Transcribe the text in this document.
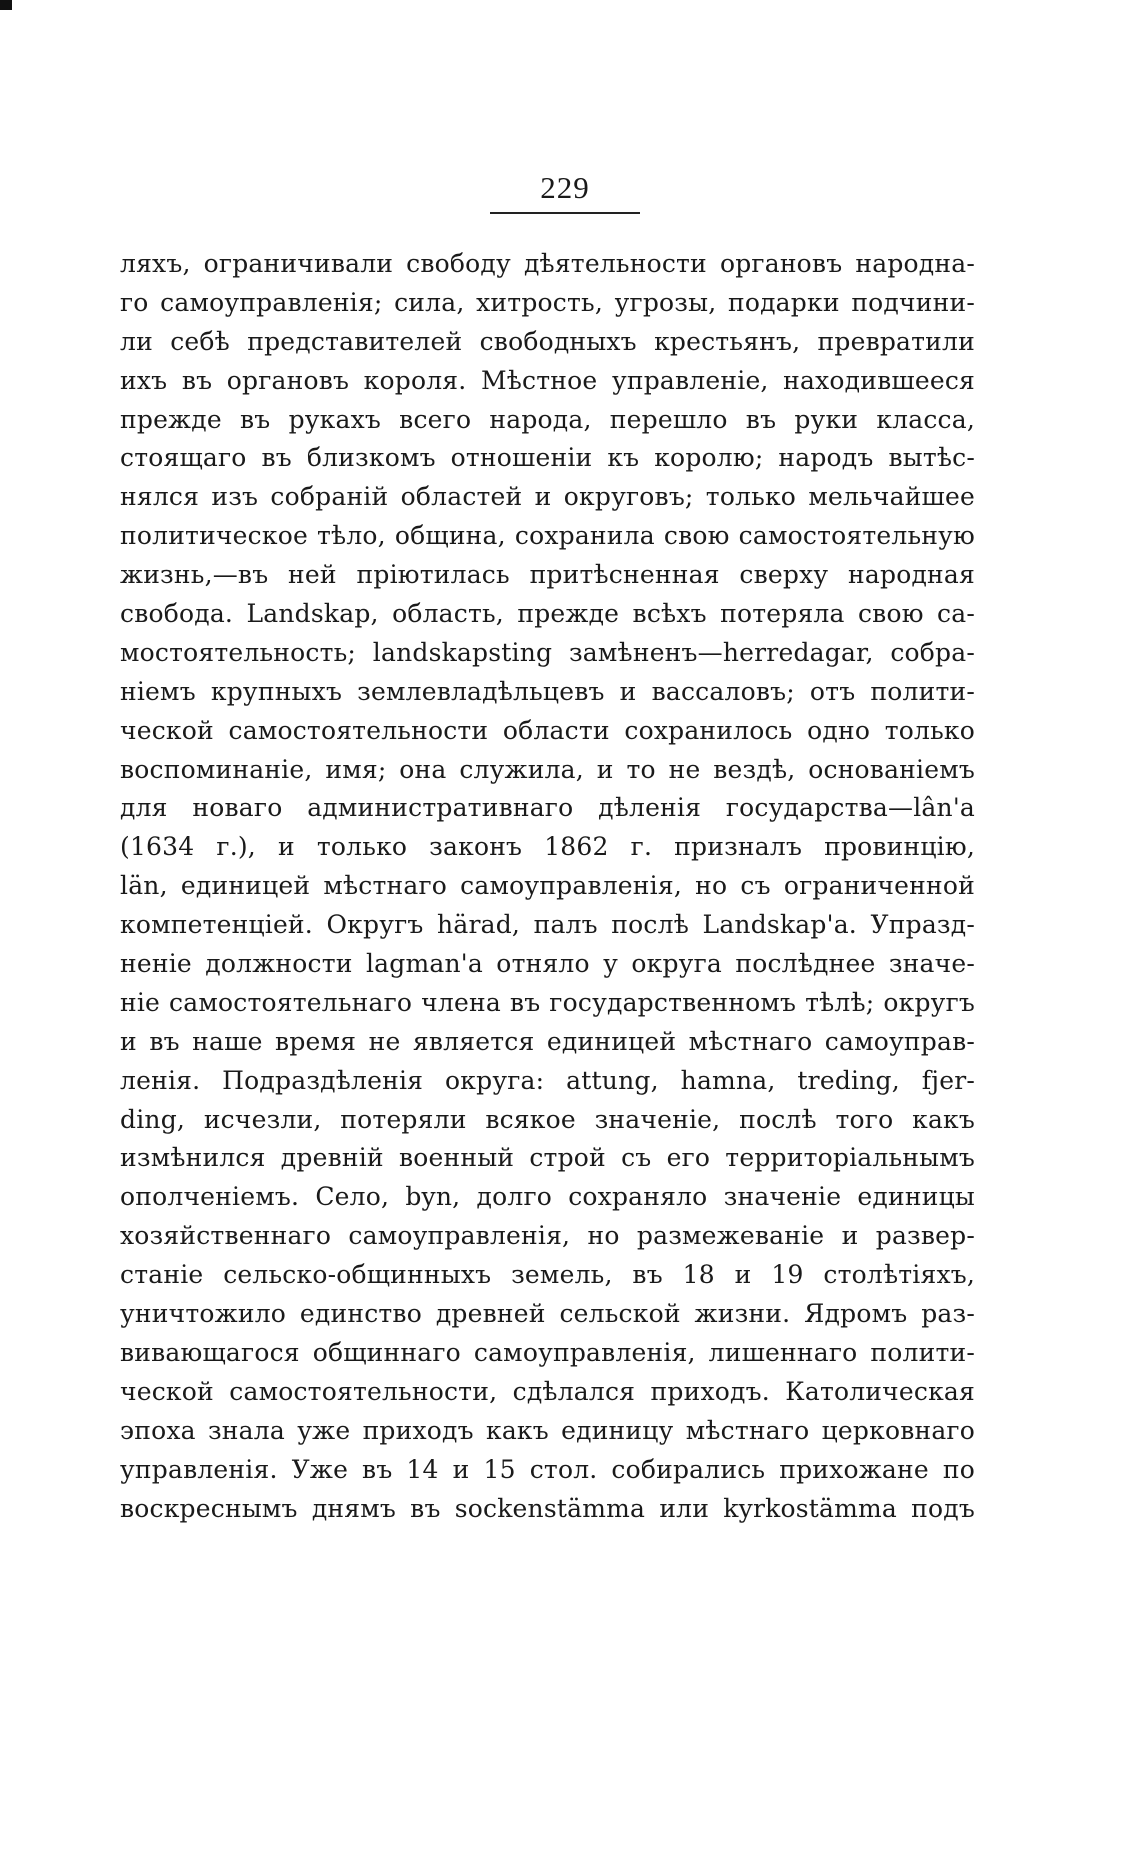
229
ляхъ, ограничивали свободу дѣятельности органовъ народна-
го самоуправленія; сила, хитрость, угрозы, подарки подчини-
ли себѣ представителей свободныхъ крестьянъ, превратили
ихъ въ органовъ короля. Мѣстное управленіе, находившееся
прежде въ рукахъ всего народа, перешло въ руки класса,
стоящаго въ близкомъ отношеніи къ королю; народъ вытѣс-
нялся изъ собраній областей и округовъ; только мельчайшее
политическое тѣло, община, сохранила свою самостоятельную
жизнь,—въ ней пріютилась притѣсненная сверху народная
свобода. Landskap, область, прежде всѣхъ потеряла свою са-
мостоятельность; landskapsting замѣненъ—herredagar, собра-
ніемъ крупныхъ землевладѣльцевъ и вассаловъ; отъ полити-
ческой самостоятельности области сохранилось одно только
воспоминаніе, имя; она служила, и то не вездѣ, основаніемъ
для новаго административнаго дѣленія государства—lân'а
(1634 г.), и только законъ 1862 г. призналъ провинцію,
län, единицей мѣстнаго самоуправленія, но съ ограниченной
компетенціей. Округъ härad, палъ послѣ Landskap'а. Упразд-
неніе должности lagman'а отняло у округа послѣднее значе-
ніе самостоятельнаго члена въ государственномъ тѣлѣ; округъ
и въ наше время не является единицей мѣстнаго самоуправ-
ленія. Подраздѣленія округа: attung, hamna, treding, fjer-
ding, исчезли, потеряли всякое значеніе, послѣ того какъ
измѣнился древній военный строй съ его территоріальнымъ
ополченіемъ. Село, byn, долго сохраняло значеніе единицы
хозяйственнаго самоуправленія, но размежеваніе и развер-
станіе сельско-общинныхъ земель, въ 18 и 19 столѣтіяхъ,
уничтожило единство древней сельской жизни. Ядромъ раз-
вивающагося общиннаго самоуправленія, лишеннаго полити-
ческой самостоятельности, сдѣлался приходъ. Католическая
эпоха знала уже приходъ какъ единицу мѣстнаго церковнаго
управленія. Уже въ 14 и 15 стол. собирались прихожане по
воскреснымъ днямъ въ sockenstämma или kyrkostämma подъ
